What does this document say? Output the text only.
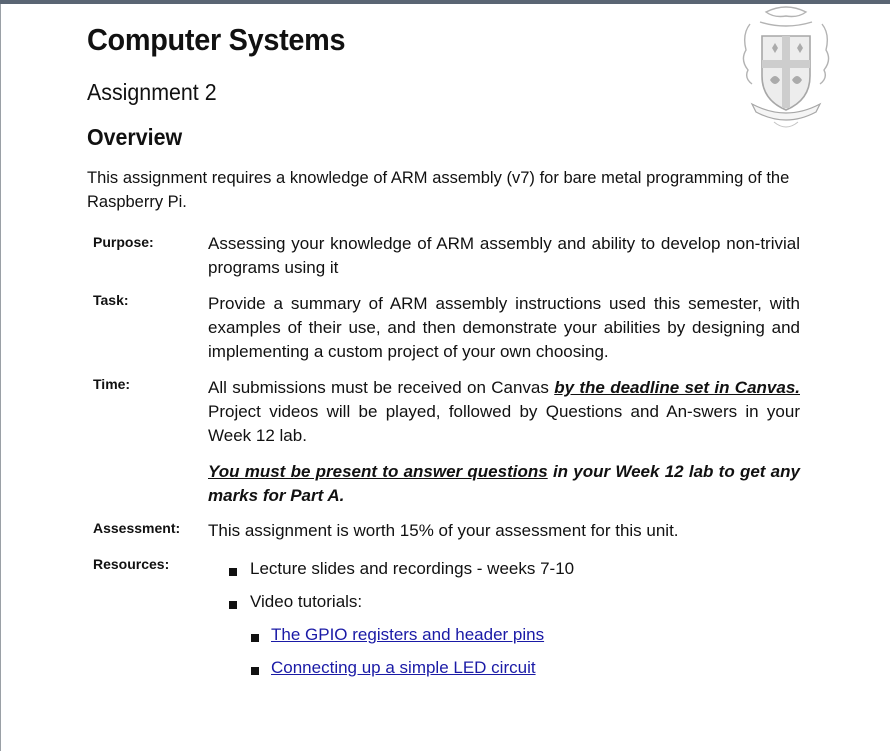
Computer Systems
Assignment 2
Overview
This assignment requires a knowledge of ARM assembly (v7) for bare metal programming of the Raspberry Pi.
Purpose:	Assessing your knowledge of ARM assembly and ability to develop non-trivial programs using it
Task:	Provide a summary of ARM assembly instructions used this semester, with examples of their use, and then demonstrate your abilities by designing and implementing a custom project of your own choosing.
Time:	All submissions must be received on Canvas by the deadline set in Canvas. Project videos will be played, followed by Questions and An-swers in your Week 12 lab.
You must be present to answer questions in your Week 12 lab to get any marks for Part A.
Assessment: This assignment is worth 15% of your assessment for this unit.
Resources:	Lecture slides and recordings - weeks 7-10
Video tutorials:
The GPIO registers and header pins
Connecting up a simple LED circuit
